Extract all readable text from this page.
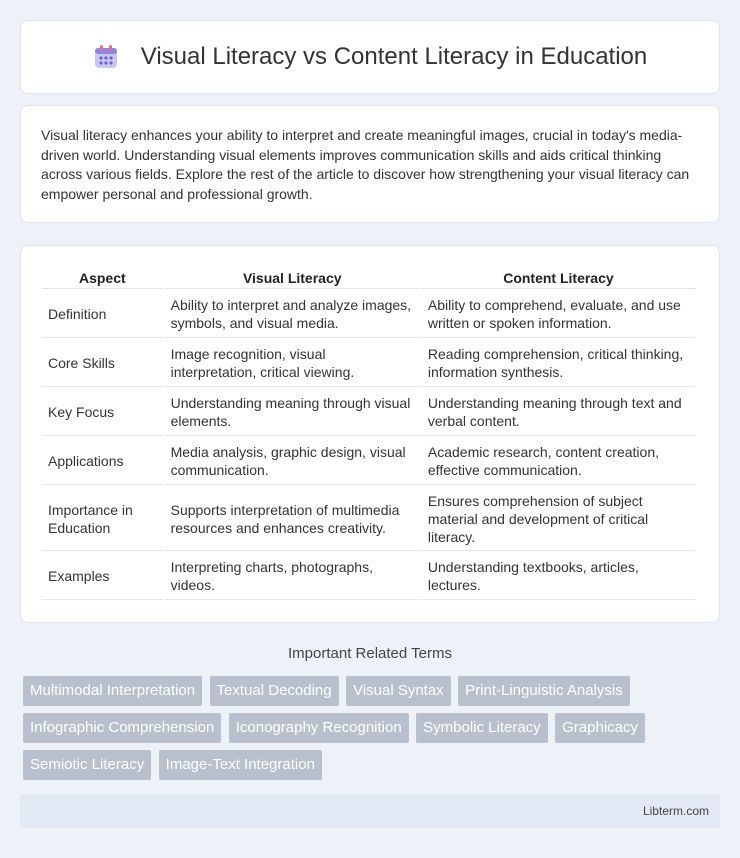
Visual Literacy vs Content Literacy in Education

Visual literacy enhances your ability to interpret and create meaningful images, crucial in today's media-driven world. Understanding visual elements improves communication skills and aids critical thinking across various fields. Explore the rest of the article to discover how strengthening your visual literacy can empower personal and professional growth.

Aspect	Visual Literacy	Content Literacy
Definition	Ability to interpret and analyze images, symbols, and visual media.	Ability to comprehend, evaluate, and use written or spoken information.
Core Skills	Image recognition, visual interpretation, critical viewing.	Reading comprehension, critical thinking, information synthesis.
Key Focus	Understanding meaning through visual elements.	Understanding meaning through text and verbal content.
Applications	Media analysis, graphic design, visual communication.	Academic research, content creation, effective communication.
Importance in Education	Supports interpretation of multimedia resources and enhances creativity.	Ensures comprehension of subject material and development of critical literacy.
Examples	Interpreting charts, photographs, videos.	Understanding textbooks, articles, lectures.
Important Related Terms
Multimodal Interpretation Textual Decoding Visual Syntax Print-Linguistic Analysis Infographic Comprehension Iconography Recognition Symbolic Literacy Graphicacy Semiotic Literacy Image-Text Integration
Libterm.com
